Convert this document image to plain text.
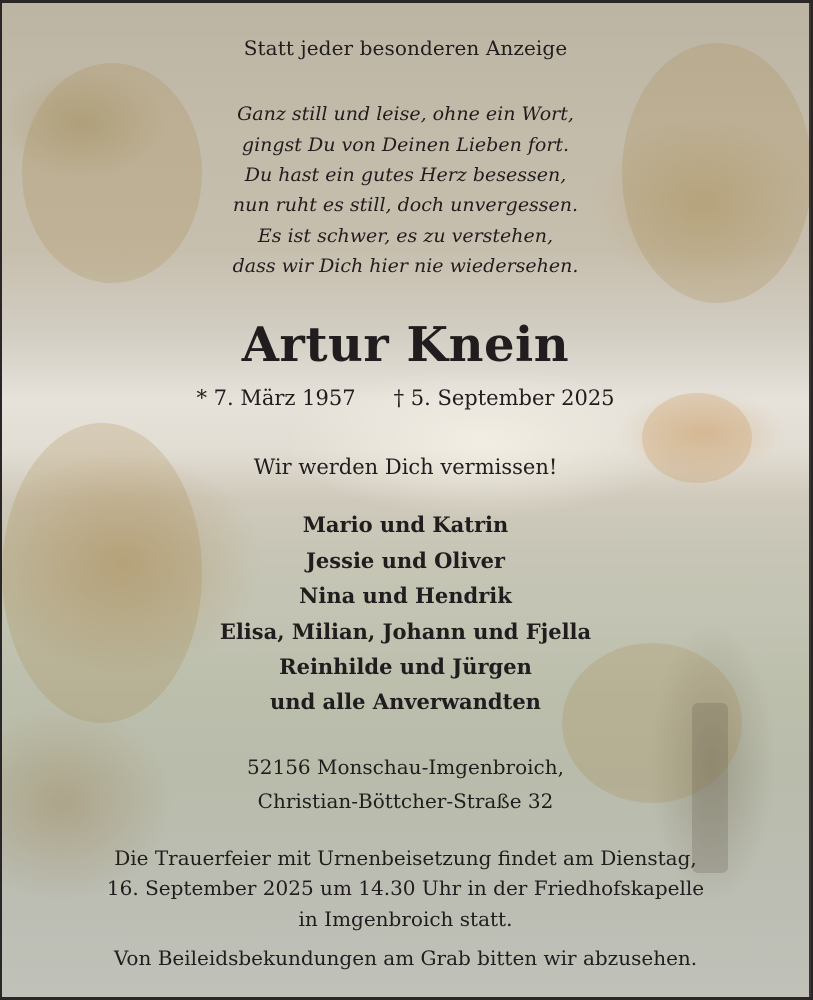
Statt jeder besonderen Anzeige
Ganz still und leise, ohne ein Wort,
gingst Du von Deinen Lieben fort.
Du hast ein gutes Herz besessen,
nun ruht es still, doch unvergessen.
Es ist schwer, es zu verstehen,
dass wir Dich hier nie wiedersehen.
Artur Knein
* 7. März 1957 † 5. September 2025
Wir werden Dich vermissen!
Mario und Katrin
Jessie und Oliver
Nina und Hendrik
Elisa, Milian, Johann und Fjella
Reinhilde und Jürgen
und alle Anverwandten
52156 Monschau-Imgenbroich,
Christian-Böttcher-Straße 32
Die Trauerfeier mit Urnenbeisetzung findet am Dienstag,
16. September 2025 um 14.30 Uhr in der Friedhofskapelle
in Imgenbroich statt.
Von Beileidsbekundungen am Grab bitten wir abzusehen.
